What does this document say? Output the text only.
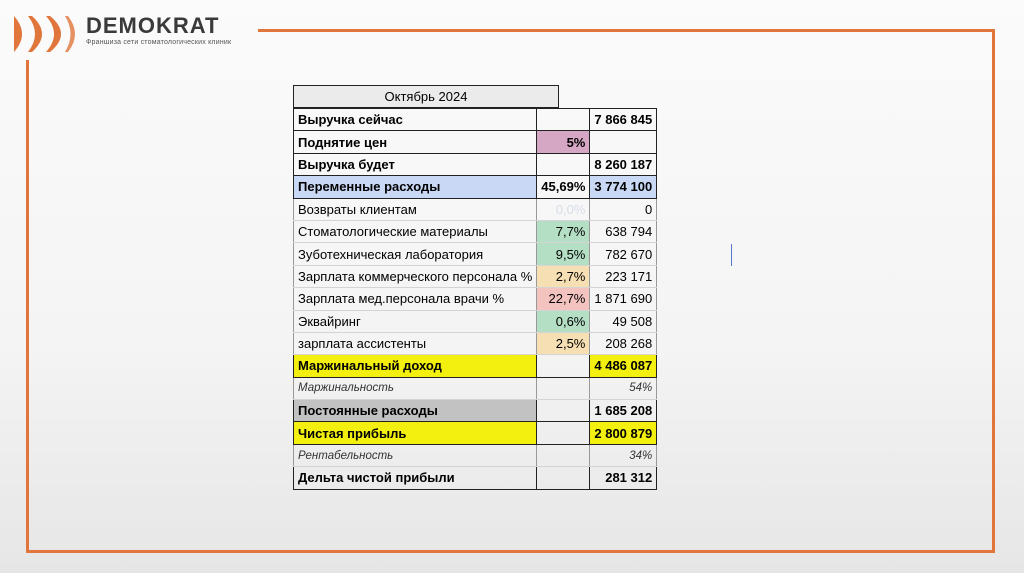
DEMOKRAT
Франшиза сети стоматологических клиник
Октябрь 2024
Выручка сейчас		7 866 845
Поднятие цен	5%	
Выручка будет		8 260 187
Переменные расходы	45,69%	3 774 100
Возвраты клиентам	0,0%	0
Стоматологические материалы	7,7%	638 794
Зуботехническая лаборатория	9,5%	782 670
Зарплата коммерческого персонала %	2,7%	223 171
Зарплата мед.персонала врачи %	22,7%	1 871 690
Эквайринг	0,6%	49 508
зарплата ассистенты	2,5%	208 268
Маржинальный доход		4 486 087
Маржинальность		54%
Постоянные расходы		1 685 208
Чистая прибыль		2 800 879
Рентабельность		34%
Дельта чистой прибыли		281 312
